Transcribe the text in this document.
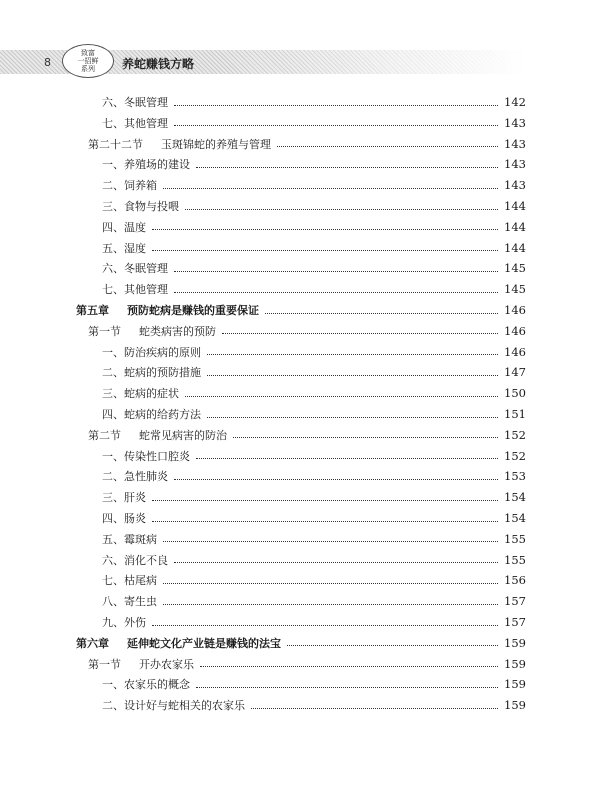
8
致富
一招鲜
系列 养蛇赚钱方略
六、冬眠管理	142
七、其他管理	143
第二十二节 玉斑锦蛇的养殖与管理	143
一、养殖场的建设	143
二、饲养箱	143
三、食物与投喂	144
四、温度	144
五、湿度	144
六、冬眠管理	145
七、其他管理	145
第五章 预防蛇病是赚钱的重要保证	146
第一节 蛇类病害的预防	146
一、防治疾病的原则	146
二、蛇病的预防措施	147
三、蛇病的症状	150
四、蛇病的给药方法	151
第二节 蛇常见病害的防治	152
一、传染性口腔炎	152
二、急性肺炎	153
三、肝炎	154
四、肠炎	154
五、霉斑病	155
六、消化不良	155
七、枯尾病	156
八、寄生虫	157
九、外伤	157
第六章 延伸蛇文化产业链是赚钱的法宝	159
第一节 开办农家乐	159
一、农家乐的概念	159
二、设计好与蛇相关的农家乐	159
